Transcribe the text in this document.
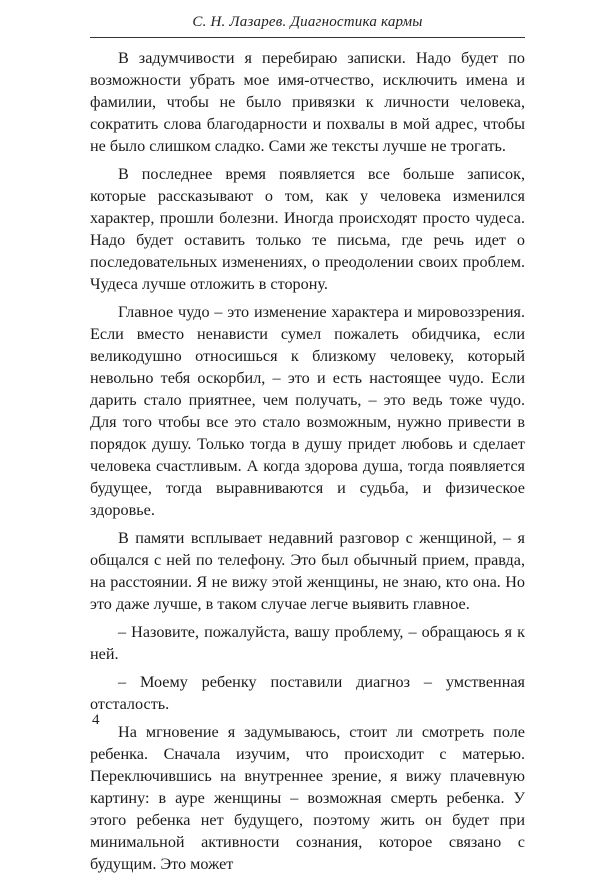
С. Н. Лазарев. Диагностика кармы

В задумчивости я перебираю записки. Надо будет по возможности убрать мое имя-отчество, исключить имена и фамилии, чтобы не было привязки к личности человека, сократить слова благодарности и похвалы в мой адрес, чтобы не было слишком сладко. Сами же тексты лучше не трогать.

В последнее время появляется все больше записок, которые рассказывают о том, как у человека изменился характер, прошли болезни. Иногда происходят просто чудеса. Надо будет оставить только те письма, где речь идет о последовательных изменениях, о преодолении своих проблем. Чудеса лучше отложить в сторону.

Главное чудо – это изменение характера и мировоззрения. Если вместо ненависти сумел пожалеть обидчика, если великодушно относишься к близкому человеку, который невольно тебя оскорбил, – это и есть настоящее чудо. Если дарить стало приятнее, чем получать, – это ведь тоже чудо. Для того чтобы все это стало возможным, нужно привести в порядок душу. Только тогда в душу придет любовь и сделает человека счастливым. А когда здорова душа, тогда появляется будущее, тогда выравниваются и судьба, и физическое здоровье.

В памяти всплывает недавний разговор с женщиной, – я общался с ней по телефону. Это был обычный прием, правда, на расстоянии. Я не вижу этой женщины, не знаю, кто она. Но это даже лучше, в таком случае легче выявить главное.

– Назовите, пожалуйста, вашу проблему, – обращаюсь я к ней.

– Моему ребенку поставили диагноз – умственная отсталость.

На мгновение я задумываюсь, стоит ли смотреть поле ребенка. Сначала изучим, что происходит с матерью. Переключившись на внутреннее зрение, я вижу плачевную картину: в ауре женщины – возможная смерть ребенка. У этого ребенка нет будущего, поэтому жить он будет при минимальной активности сознания, которое связано с будущим. Это может

4
